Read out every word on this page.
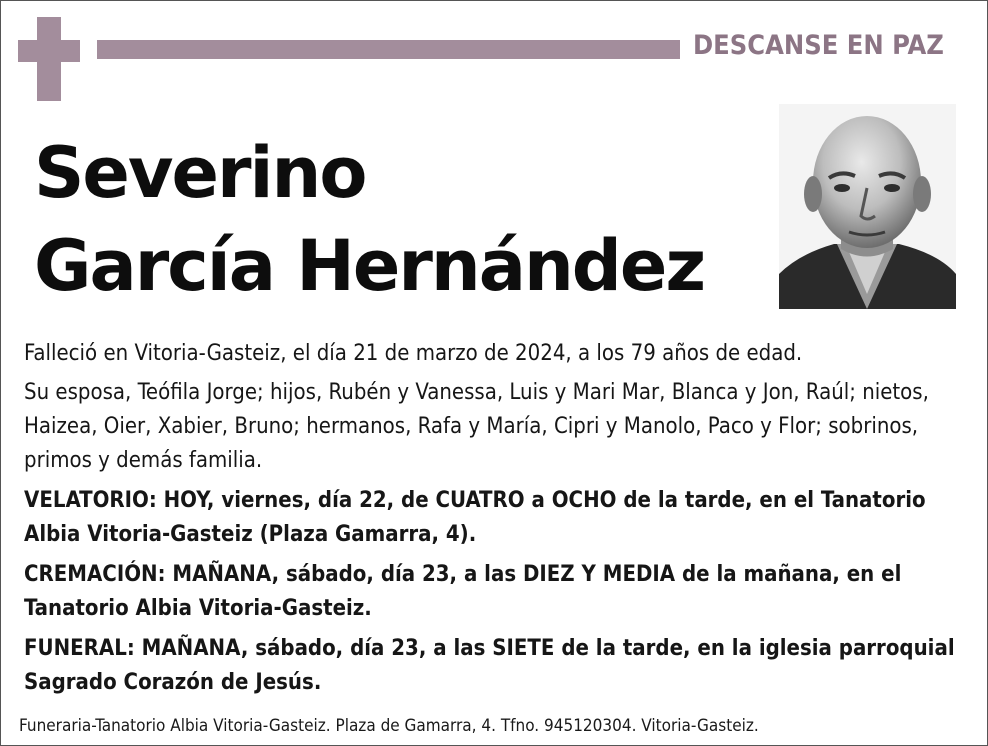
DESCANSE EN PAZ
Severino
García Hernández

Falleció en Vitoria-Gasteiz, el día 21 de marzo de 2024, a los 79 años de edad.

Su esposa, Teófila Jorge; hijos, Rubén y Vanessa, Luis y Mari Mar, Blanca y Jon, Raúl; nietos, Haizea, Oier, Xabier, Bruno; hermanos, Rafa y María, Cipri y Manolo, Paco y Flor; sobrinos, primos y demás familia.

VELATORIO: HOY, viernes, día 22, de CUATRO a OCHO de la tarde, en el Tanatorio Albia Vitoria-Gasteiz (Plaza Gamarra, 4).

CREMACIÓN: MAÑANA, sábado, día 23, a las DIEZ Y MEDIA de la mañana, en el Tanatorio Albia Vitoria-Gasteiz.

FUNERAL: MAÑANA, sábado, día 23, a las SIETE de la tarde, en la iglesia parroquial Sagrado Corazón de Jesús.

Funeraria-Tanatorio Albia Vitoria-Gasteiz. Plaza de Gamarra, 4. Tfno. 945120304. Vitoria-Gasteiz.
